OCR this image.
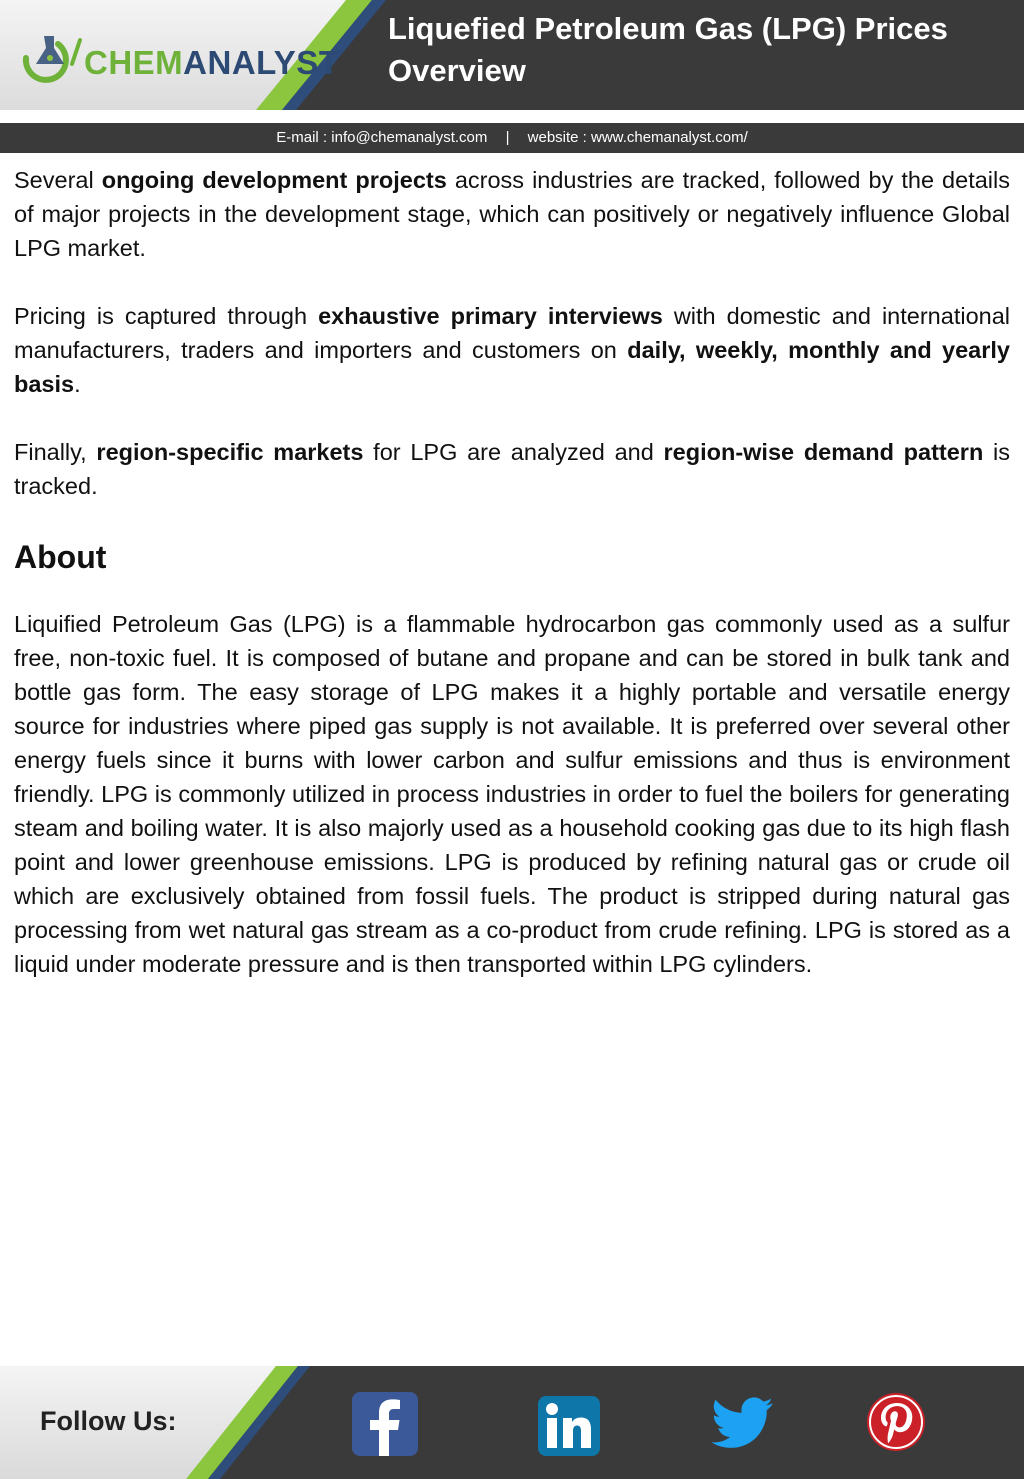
CHEMANALYST
Liquefied Petroleum Gas (LPG) Prices Overview
E-mail : info@chemanalyst.com | website : www.chemanalyst.com/

Several ongoing development projects across industries are tracked, followed by the details of major projects in the development stage, which can positively or negatively influence Global LPG market.

Pricing is captured through exhaustive primary interviews with domestic and international manufacturers, traders and importers and customers on daily, weekly, monthly and yearly basis.

Finally, region-specific markets for LPG are analyzed and region-wise demand pattern is tracked.

About

Liquified Petroleum Gas (LPG) is a flammable hydrocarbon gas commonly used as a sulfur free, non-toxic fuel. It is composed of butane and propane and can be stored in bulk tank and bottle gas form. The easy storage of LPG makes it a highly portable and versatile energy source for industries where piped gas supply is not available. It is preferred over several other energy fuels since it burns with lower carbon and sulfur emissions and thus is environment friendly. LPG is commonly utilized in process industries in order to fuel the boilers for generating steam and boiling water. It is also majorly used as a household cooking gas due to its high flash point and lower greenhouse emissions. LPG is produced by refining natural gas or crude oil which are exclusively obtained from fossil fuels. The product is stripped during natural gas processing from wet natural gas stream as a co-product from crude refining. LPG is stored as a liquid under moderate pressure and is then transported within LPG cylinders.

Follow Us:
